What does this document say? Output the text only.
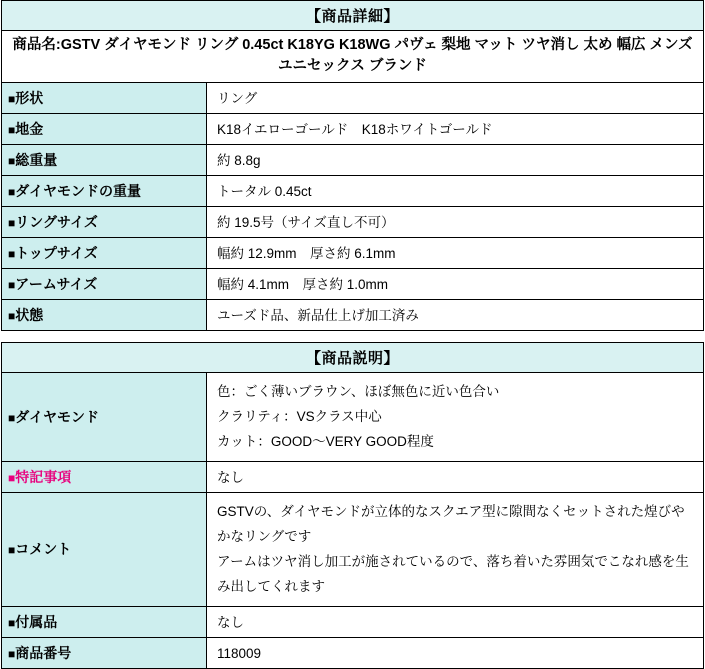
【商品詳細】	
商品名:GSTV ダイヤモンド リング 0.45ct K18YG K18WG パヴェ 梨地 マット ツヤ消し 太め 幅広 メンズ ユニセックス ブランド	
■形状	リング
■地金	K18イエローゴールド　K18ホワイトゴールド
■総重量	約 8.8g
■ダイヤモンドの重量	トータル 0.45ct
■リングサイズ	約 19.5号（サイズ直し不可）
■トップサイズ	幅約 12.9mm　厚さ約 6.1mm
■アームサイズ	幅約 4.1mm　厚さ約 1.0mm
■状態	ユーズド品、新品仕上げ加工済み
【商品説明】	
■ダイヤモンド	色：ごく薄いブラウン、ほぼ無色に近い色合い
クラリティ：VSクラス中心
カット：GOOD〜VERY GOOD程度

■特記事項	なし
■コメント	GSTVの、ダイヤモンドが立体的なスクエア型に隙間なくセットされた煌びやかなリングです
アームはツヤ消し加工が施されているので、落ち着いた雰囲気でこなれ感を生み出してくれます

■付属品	なし
■商品番号	118009
